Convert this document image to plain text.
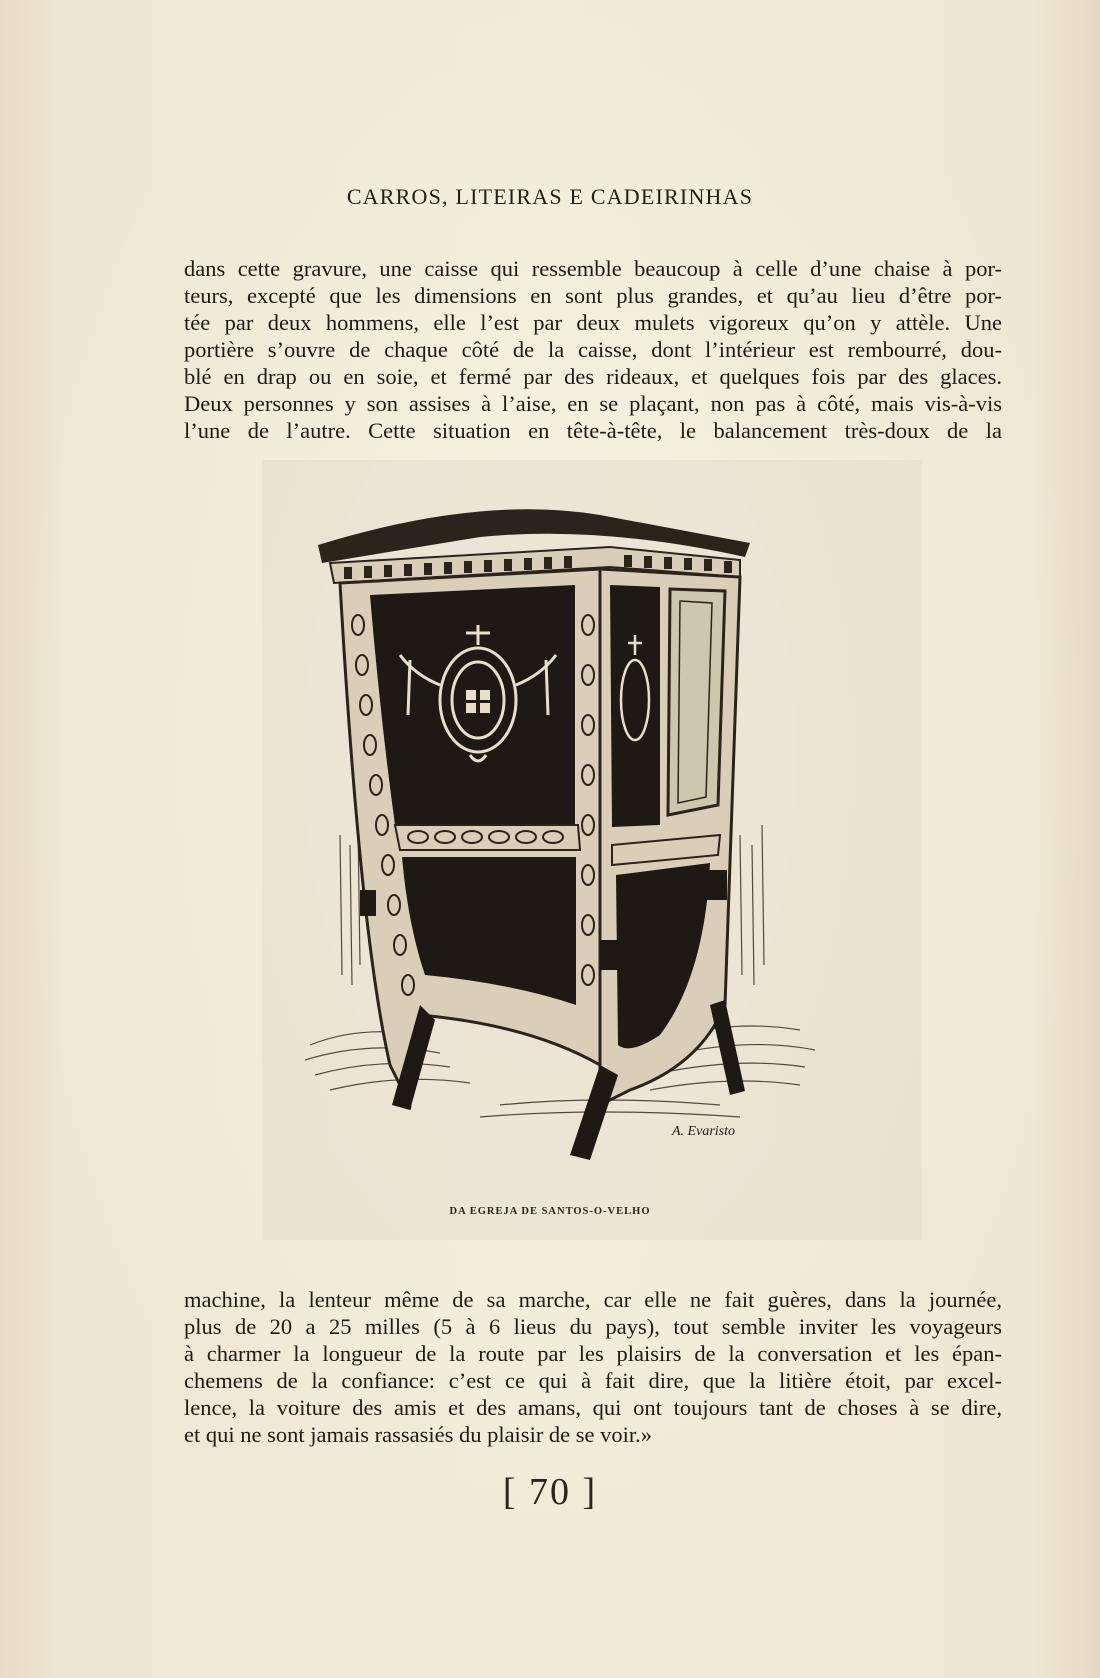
CARROS, LITEIRAS E CADEIRINHAS
dans cette gravure, une caisse qui ressemble beaucoup à celle d’une chaise à por-
teurs, excepté que les dimensions en sont plus grandes, et qu’au lieu d’être por-
tée par deux hommens, elle l’est par deux mulets vigoreux qu’on y attèle. Une
portière s’ouvre de chaque côté de la caisse, dont l’intérieur est rembourré, dou-
blé en drap ou en soie, et fermé par des rideaux, et quelques fois par des glaces.
Deux personnes y son assises à l’aise, en se plaçant, non pas à côté, mais vis-à-vis
l’une de l’autre. Cette situation en tête-à-tête, le balancement très-doux de la
A. Evaristo
DA EGREJA DE SANTOS-O-VELHO
machine, la lenteur même de sa marche, car elle ne fait guères, dans la journée,
plus de 20 a 25 milles (5 à 6 lieus du pays), tout semble inviter les voyageurs
à charmer la longueur de la route par les plaisirs de la conversation et les épan-
chemens de la confiance: c’est ce qui à fait dire, que la litière étoit, par excel-
lence, la voiture des amis et des amans, qui ont toujours tant de choses à se dire,
et qui ne sont jamais rassasiés du plaisir de se voir.»
[ 70 ]
